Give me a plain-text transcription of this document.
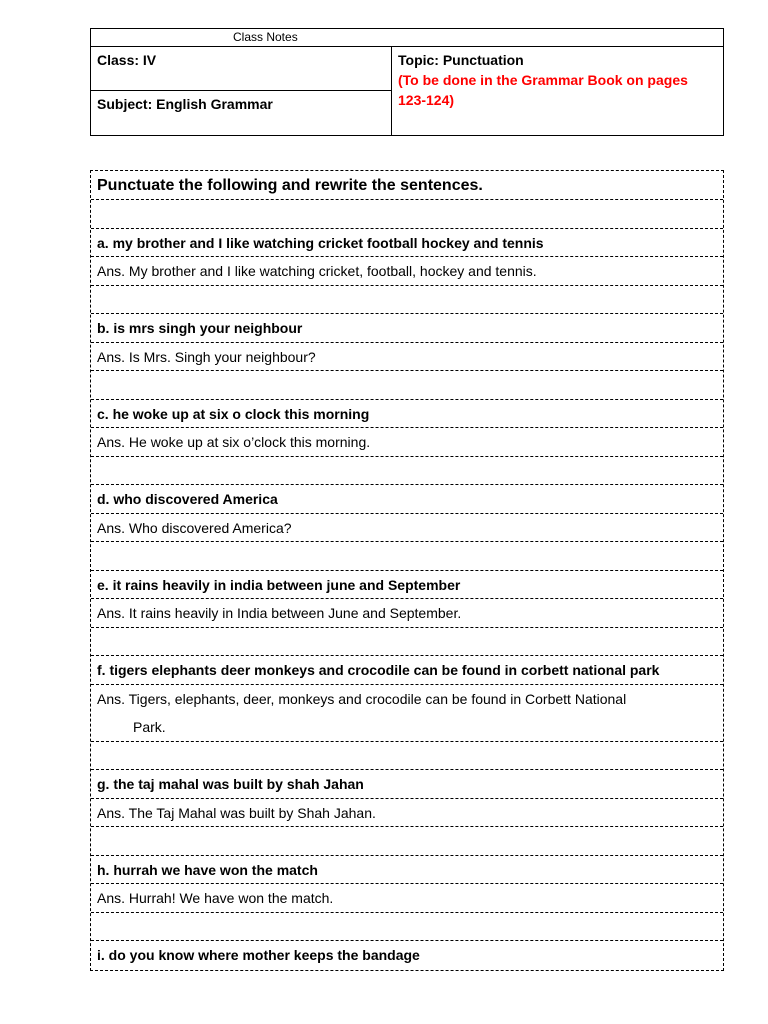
Class Notes
Class: IV
Subject: English Grammar
Topic: Punctuation
(To be done in the Grammar Book on pages 123-124)
Punctuate the following and rewrite the sentences.
a. my brother and I like watching cricket football hockey and tennis
Ans. My brother and I like watching cricket, football, hockey and tennis.
b. is mrs singh your neighbour
Ans. Is Mrs. Singh your neighbour?
c. he woke up at six o clock this morning
Ans. He woke up at six o’clock this morning.
d. who discovered America
Ans. Who discovered America?
e. it rains heavily in india between june and September
Ans. It rains heavily in India between June and September.
f. tigers elephants deer monkeys and crocodile can be found in corbett national park
Ans. Tigers, elephants, deer, monkeys and crocodile can be found in Corbett National
Park.
g. the taj mahal was built by shah Jahan
Ans. The Taj Mahal was built by Shah Jahan.
h. hurrah we have won the match
Ans. Hurrah! We have won the match.
i. do you know where mother keeps the bandage
